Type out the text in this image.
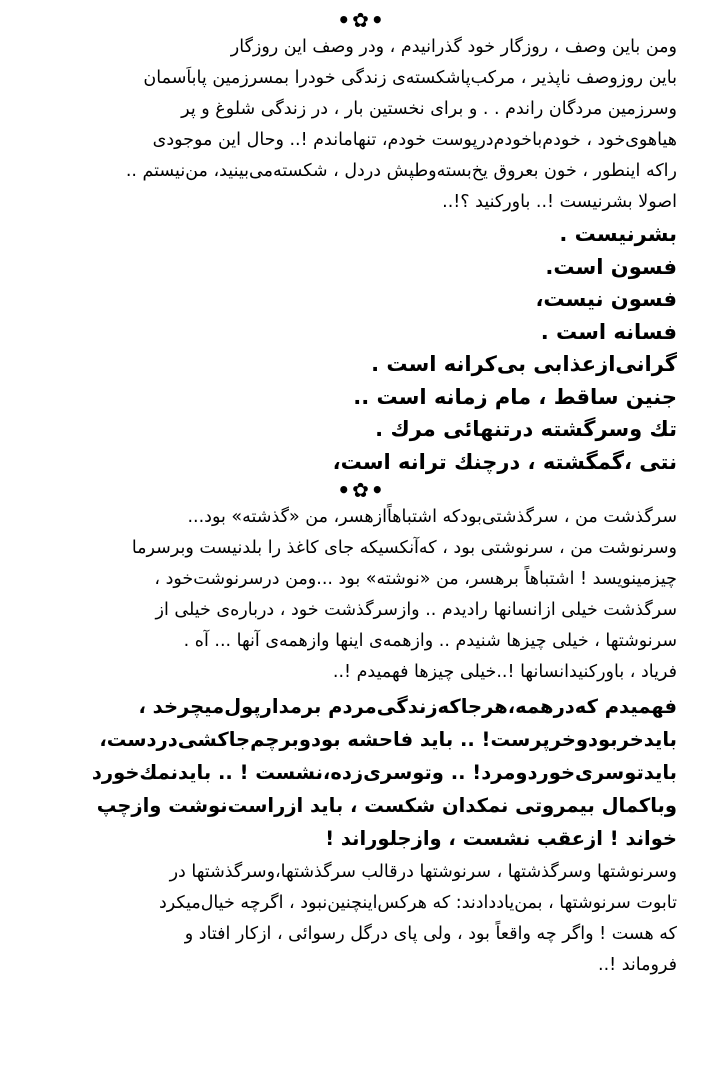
•✿•
ومن باین وصف ، روزگار خود گذرانیدم ، ودر وصف این روزگار
باین روزوصف ناپذیر ، مرکب‌پاشکسته‌ی زندگی خودرا بمسرزمین پاباَسمان
وسرزمین مردگان راندم . . و برای نخستین بار ، در زندگی شلوغ و پر
هیاهوی‌خود ، خودم‌باخودم‌درپوست خودم، تنهاماندم !.. وحال این موجودی
راکه اینطور ، خون بعروق یخ‌بسته‌وطپش دردل ، شکسته‌می‌بینید، من‌نیستم ..
اصولا بشرنیست !.. باورکنید ؟!..
بشرنیست .
فسون است.
فسون نیست،
فسانه است .
گرانی‌ازعذابی بی‌کرانه است .
جنین ساقط ، مام زمانه است ..
تك وسرگشته درتنهائی مرك .
نتی ،گمگشته ، درچنك ترانه است،
•✿•
سرگذشت من ، سرگذشتی‌بودکه اشتباهاً‌ازهسر، من «گذشته» بود...
وسرنوشت من ، سرنوشتی بود ، که‌آنکسیکه جای کاغذ را بلدنیست وبرسرما
چیزمینویسد ! اشتباهاً برهسر، من «نوشته» بود ...ومن درسرنوشت‌خود ،
سرگذشت خیلی ازانسانها رادیدم .. وازسرگذشت خود ، درباره‌ی خیلی از
سرنوشتها ، خیلی چیزها شنیدم .. وازهمه‌ی اینها وازهمه‌ی آنها ... آه .
فریاد ، باورکنیدانسانها !..خیلی چیزها فهمیدم !..
فهمیدم که‌درهمه،هرجاکه‌زندگی‌مردم برمدارپول‌میچرخد ،
بایدخربودوخرپرست! .. باید فاحشه بودوبرچم‌جاکشی‌دردست،
بایدتوسری‌خوردومرد! .. وتوسری‌زده،نشست ! .. بایدنمك‌خورد
وباکمال بیمروتی نمکدان شکست ، باید ازراست‌نوشت وازچپ
خواند ! ازعقب نشست ، وازجلوراند !
وسرنوشتها وسرگذشتها ، سرنوشتها درقالب سرگذشتها،وسرگذشتها در
تابوت سرنوشتها ، بمن‌یاددادند: که هرکس‌اینچنین‌نبود ، اگرچه خیال‌میکرد
که هست ! واگر چه واقعاً بود ، ولی پای درگل رسوائی ، ازکار افتاد و
فروماند !..
